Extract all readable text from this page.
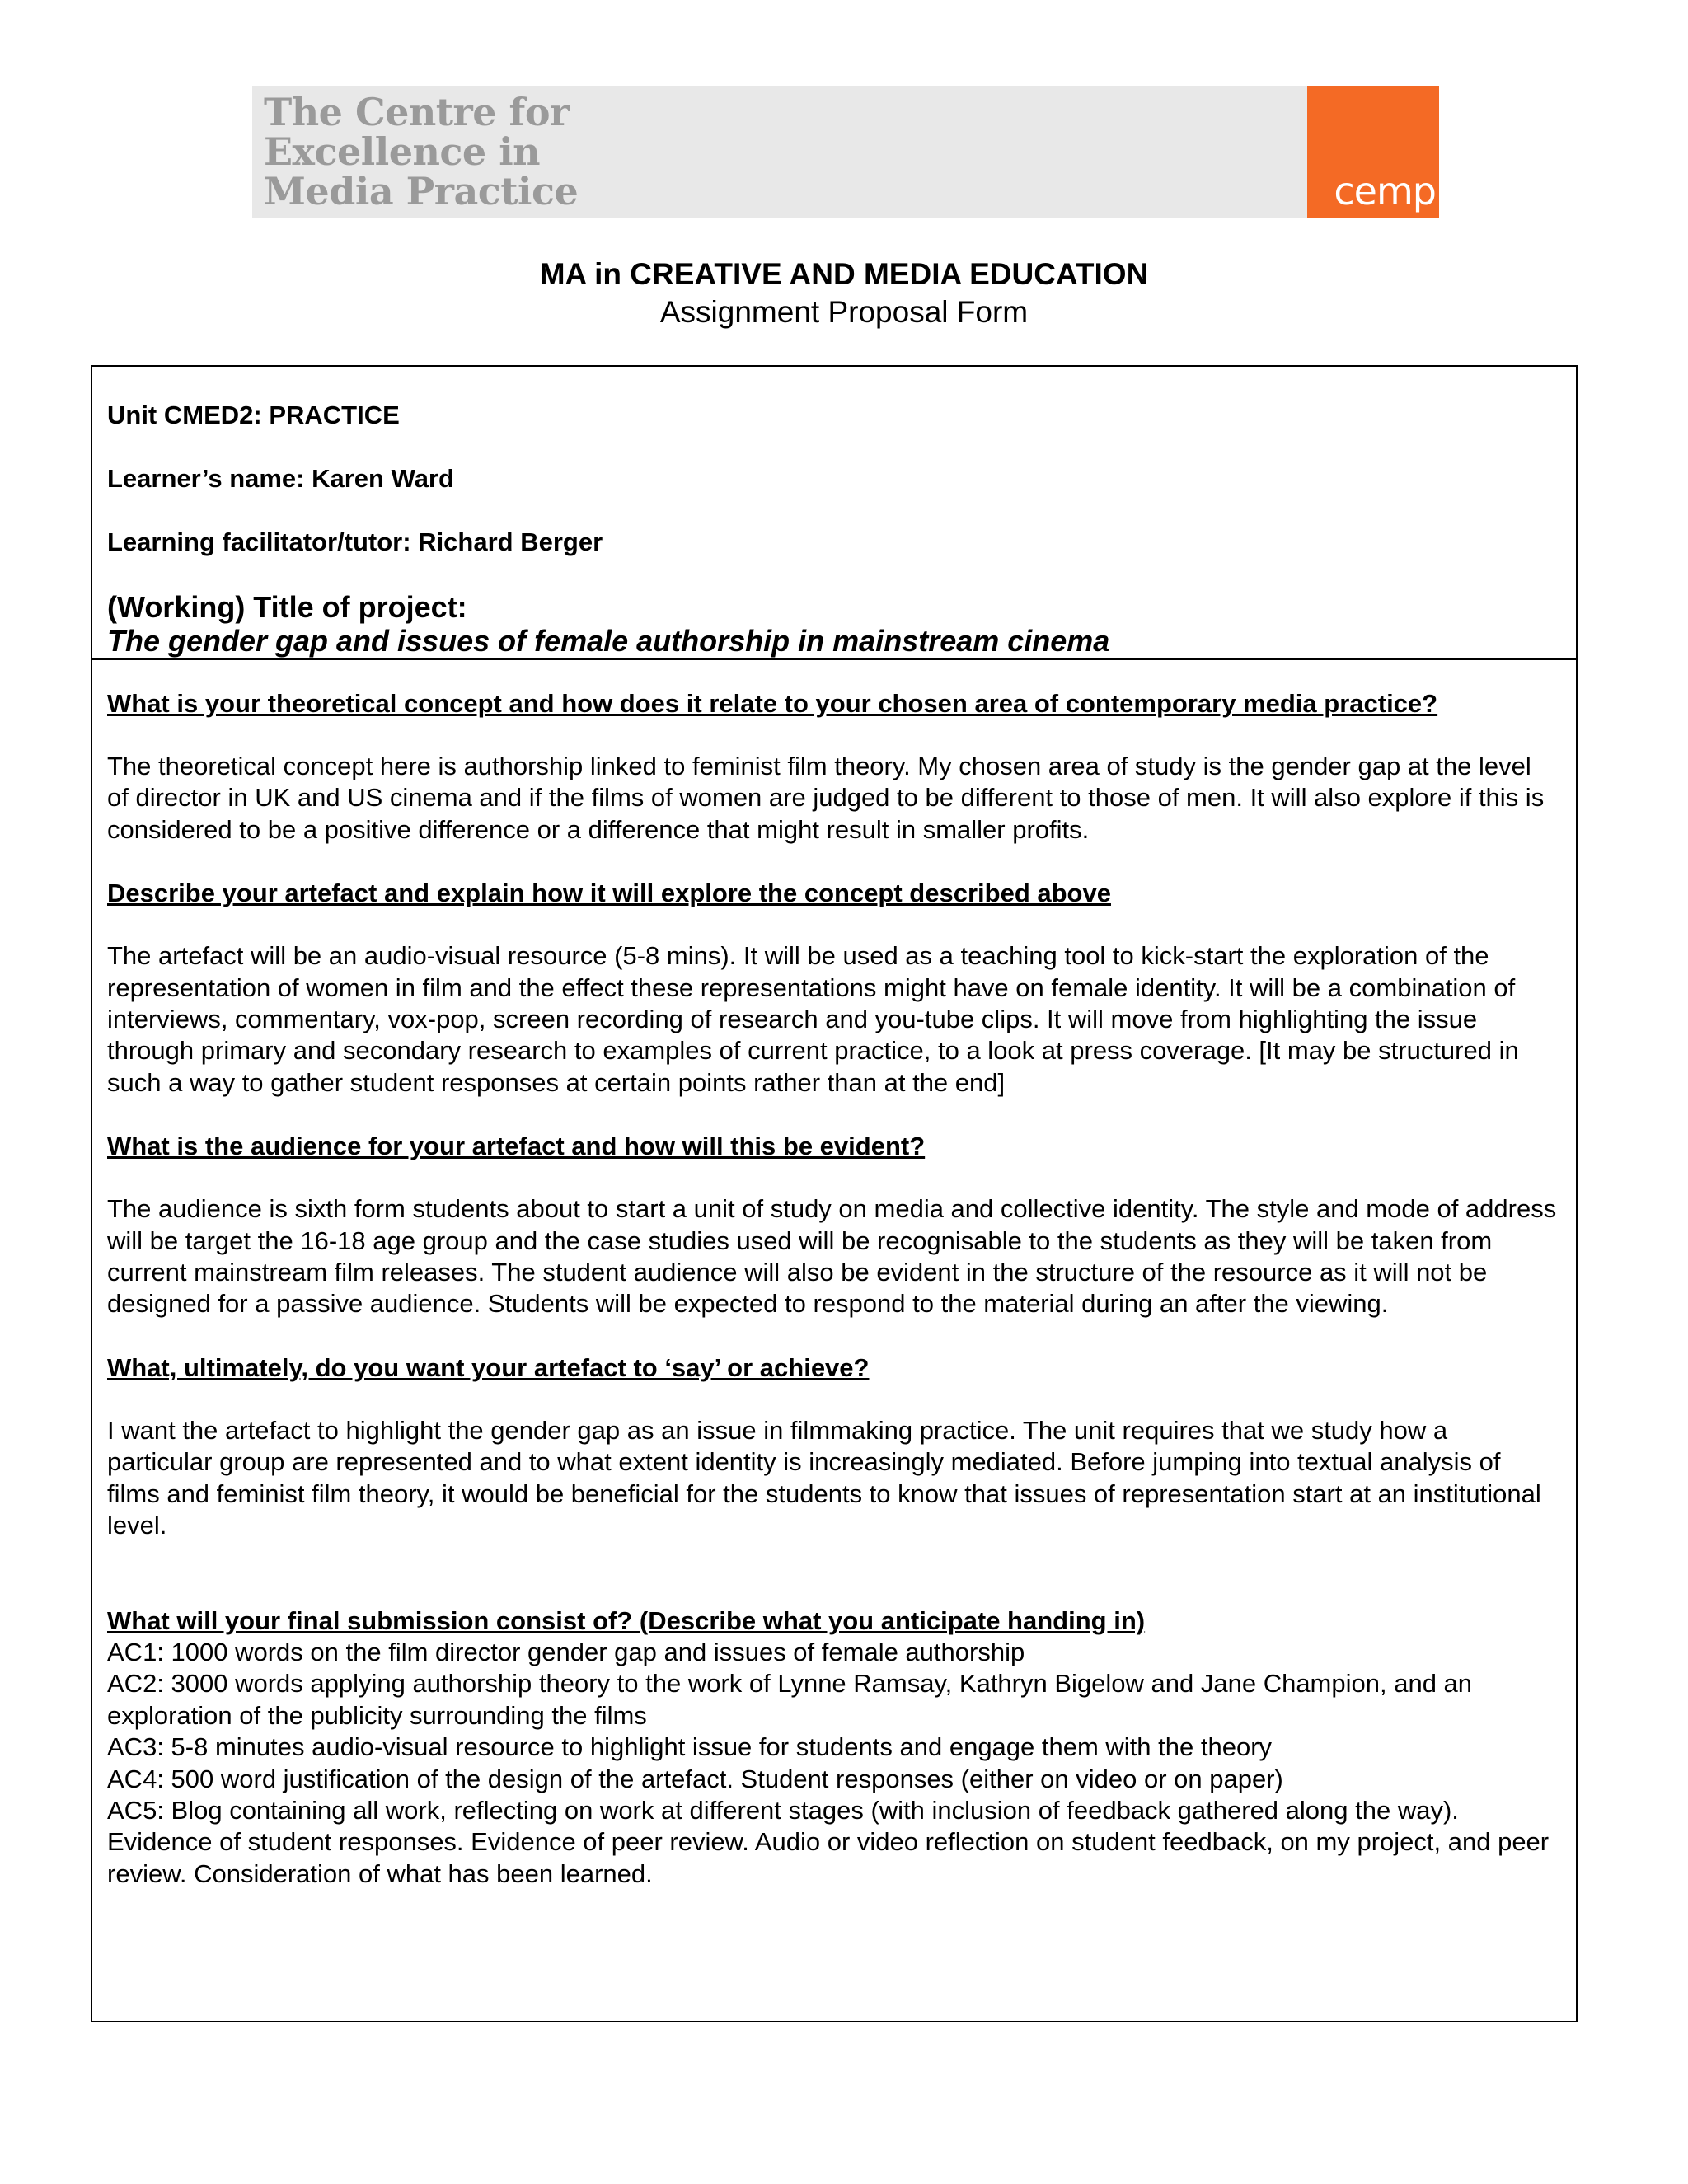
The Centre for
Excellence in
Media Practice	cemp
MA in CREATIVE AND MEDIA EDUCATION
Assignment Proposal Form
Unit CMED2: PRACTICE
Learner’s name: Karen Ward
Learning facilitator/tutor: Richard Berger
(Working) Title of project:
The gender gap and issues of female authorship in mainstream cinema

What is your theoretical concept and how does it relate to your chosen area of contemporary media practice?

The theoretical concept here is authorship linked to feminist film theory. My chosen area of study is the gender gap at the level of director in UK and US cinema and if the films of women are judged to be different to those of men. It will also explore if this is considered to be a positive difference or a difference that might result in smaller profits.

Describe your artefact and explain how it will explore the concept described above

The artefact will be an audio-visual resource (5-8 mins). It will be used as a teaching tool to kick-start the exploration of the representation of women in film and the effect these representations might have on female identity. It will be a combination of interviews, commentary, vox-pop, screen recording of research and you-tube clips. It will move from highlighting the issue through primary and secondary research to examples of current practice, to a look at press coverage. [It may be structured in such a way to gather student responses at certain points rather than at the end]

What is the audience for your artefact and how will this be evident?

The audience is sixth form students about to start a unit of study on media and collective identity. The style and mode of address will be target the 16-18 age group and the case studies used will be recognisable to the students as they will be taken from current mainstream film releases. The student audience will also be evident in the structure of the resource as it will not be designed for a passive audience. Students will be expected to respond to the material during an after the viewing.

What, ultimately, do you want your artefact to ‘say’ or achieve?

I want the artefact to highlight the gender gap as an issue in filmmaking practice. The unit requires that we study how a particular group are represented and to what extent identity is increasingly mediated. Before jumping into textual analysis of films and feminist film theory, it would be beneficial for the students to know that issues of representation start at an institutional level.

What will your final submission consist of? (Describe what you anticipate handing in)

AC1: 1000 words on the film director gender gap and issues of female authorship

AC2: 3000 words applying authorship theory to the work of Lynne Ramsay, Kathryn Bigelow and Jane Champion, and an exploration of the publicity surrounding the films

AC3: 5-8 minutes audio-visual resource to highlight issue for students and engage them with the theory

AC4: 500 word justification of the design of the artefact. Student responses (either on video or on paper)

AC5: Blog containing all work, reflecting on work at different stages (with inclusion of feedback gathered along the way). Evidence of student responses. Evidence of peer review. Audio or video reflection on student feedback, on my project, and peer review. Consideration of what has been learned.
